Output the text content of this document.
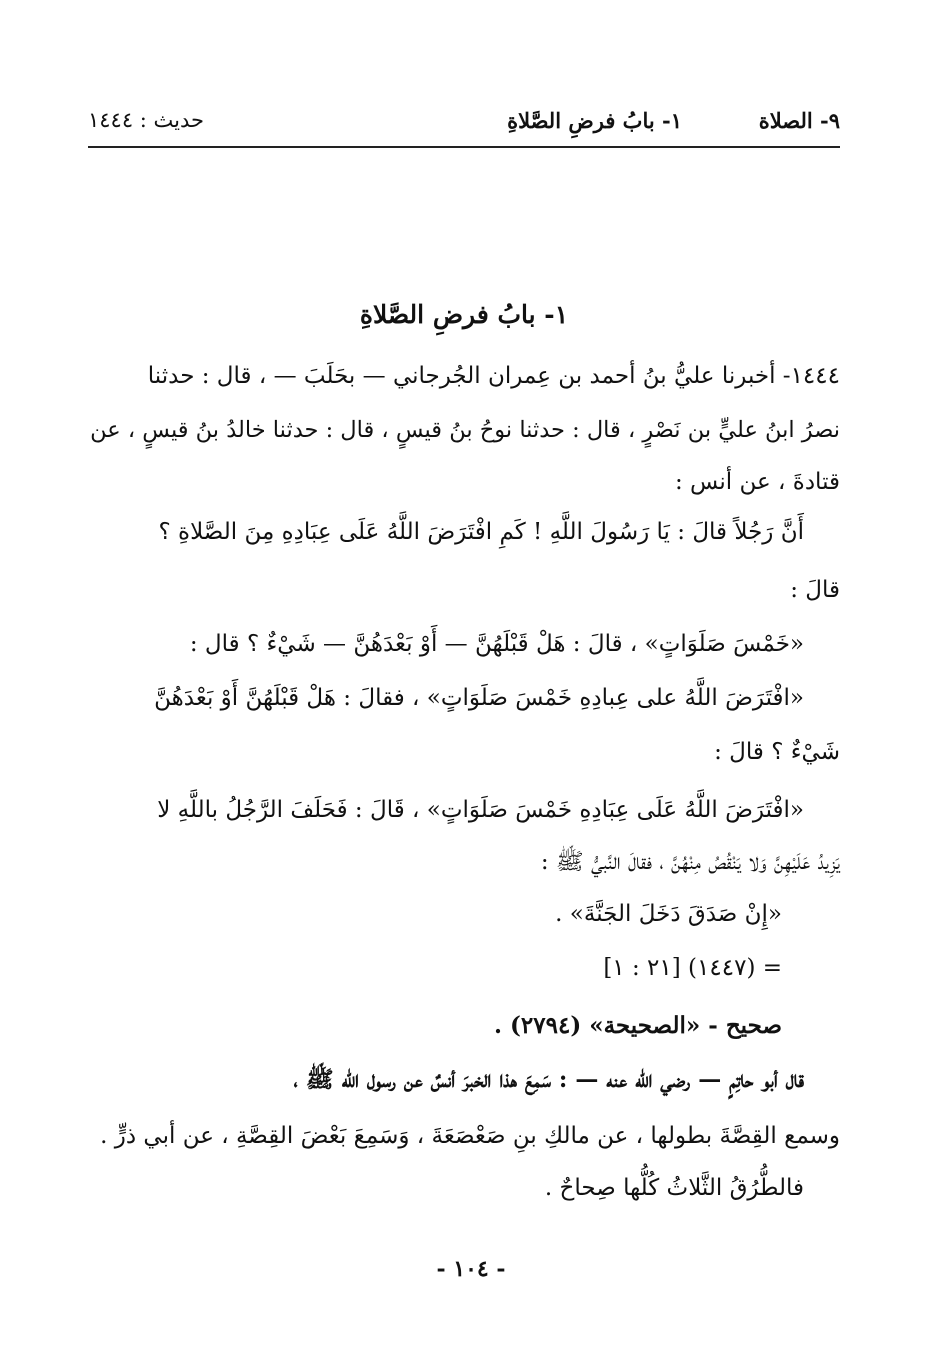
٩- الصلاة
١- بابُ فرضِ الصَّلاةِ
حديث : ١٤٤٤
١- بابُ فرضِ الصَّلاةِ
١٤٤٤- أخبرنا عليُّ بنُ أحمد بن عِمران الجُرجاني — بحَلَبَ — ، قال : حدثنا
نصرُ ابنُ عليٍّ بن نَصْرٍ ، قال : حدثنا نوحُ بنُ قيسٍ ، قال : حدثنا خالدُ بنُ قيسٍ ، عن
قتادةَ ، عن أنس :
أَنَّ رَجُلاً قالَ : يَا رَسُولَ اللَّهِ ! كَمِ افْتَرَضَ اللَّهُ عَلَى عِبَادِهِ مِنَ الصَّلاةِ ؟
قالَ :
«خَمْسَ صَلَوَاتٍ» ، قالَ : هَلْ قَبْلَهُنَّ — أَوْ بَعْدَهُنَّ — شَيْءٌ ؟ قال :
«افْتَرَضَ اللَّهُ على عِبادِهِ خَمْسَ صَلَوَاتٍ» ، فقالَ : هَلْ قَبْلَهُنَّ أَوْ بَعْدَهُنَّ
شَيْءٌ ؟ قالَ :
«افْتَرَضَ اللَّهُ عَلَى عِبَادِهِ خَمْسَ صَلَوَاتٍ» ، قَالَ : فَحَلَفَ الرَّجُلُ باللَّهِ لا
يَزِيدُ عَلَيْهِنَّ وَلا يَنْقُصُ مِنْهُنَّ ، فقالَ النَّبيُّ ﷺ :
«إِنْ صَدَقَ دَخَلَ الجَنَّةَ» .
= (١٤٤٧) [٢١ : ١]
صحيح - «الصحيحة» (٢٧٩٤) .
قال أبو حاتِمٍ — رضي اللّه عنه — : سَمِعَ هذا الخبرَ أنسٌ عن رسول اللّه ﷺ ،
وسمع القِصَّةَ بطولها ، عن مالكِ بنِ صَعْصَعَةَ ، وَسَمِعَ بَعْضَ القِصَّةِ ، عن أبي ذرٍّ .
فالطُّرُقُ الثَّلاثُ كُلُّها صِحاحٌ .
- ١٠٤ -
